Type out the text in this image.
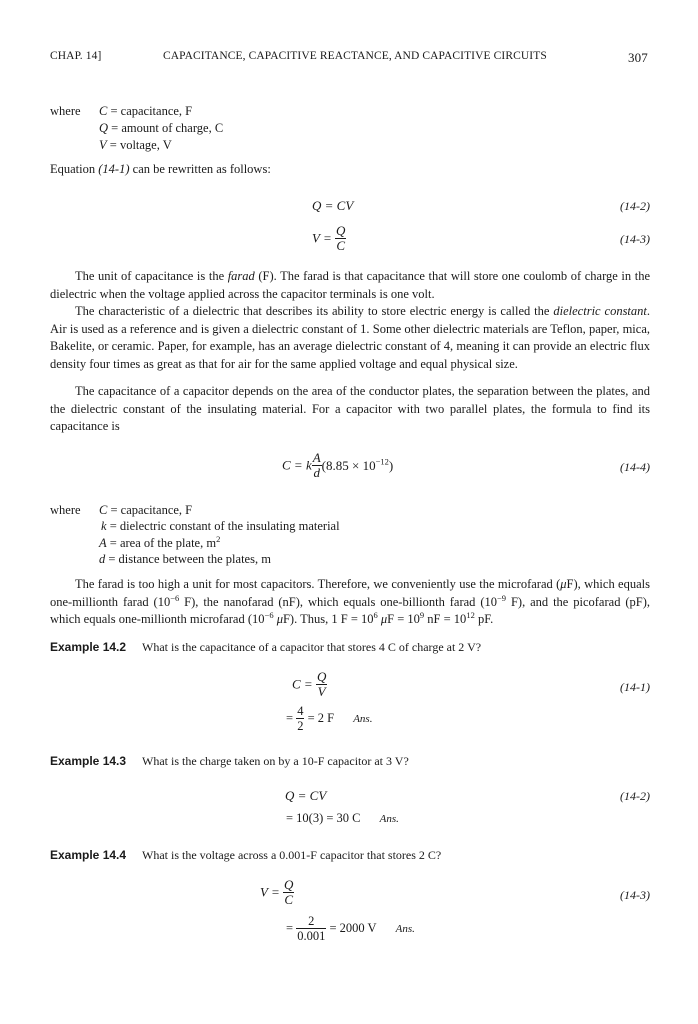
CHAP. 14]	CAPACITANCE, CAPACITIVE REACTANCE, AND CAPACITIVE CIRCUITS	307
where C = capacitance, F
Q = amount of charge, C
V = voltage, V
Equation (14-1) can be rewritten as follows:
Q = CV	(14-2)
$V = \frac{Q}{C}$	(14-3)
The unit of capacitance is the farad (F). The farad is that capacitance that will store one coulomb of charge in the dielectric when the voltage applied across the capacitor terminals is one volt.
The characteristic of a dielectric that describes its ability to store electric energy is called the dielectric constant. Air is used as a reference and is given a dielectric constant of 1. Some other dielectric materials are Teflon, paper, mica, Bakelite, or ceramic. Paper, for example, has an average dielectric constant of 4, meaning it can provide an electric flux density four times as great as that for air for the same applied voltage and equal physical size.
The capacitance of a capacitor depends on the area of the conductor plates, the separation between the plates, and the dielectric constant of the insulating material. For a capacitor with two parallel plates, the formula to find its capacitance is
C = k $\frac{A}{d} (8.85 \times 10^{-12})$	(14-4)
where C = capacitance, F
k = dielectric constant of the insulating material
A = area of the plate, $m^2$
d = distance between the plates, m
The farad is too high a unit for most capacitors. Therefore, we conveniently use the microfarad (μF), which equals one-millionth farad ($10^{-6}$ F), the nanofarad (nF), which equals one-billionth farad ($10^{-9}$ F), and the picofarad (pF), which equals one-millionth microfarad ($10^{-6}$ μF). Thus, 1 $F = 10^6$ $\mu F = 10^9$ nF = $10^{12}$ pF.
Example 14.2 What is the capacitance of a capacitor that stores 4 C of charge at 2 V?
$C = \frac{Q}{V}$	(14-1)
= $\frac{4}{2} = 2$ F Ans.
Example 14.3 What is the charge taken on by a 10-F capacitor at 3 V?
Q = CV	(14-2)
= 10(3) = 30 C Ans.
Example 14.4 What is the voltage across a 0.001-F capacitor that stores 2 C?
$V = \frac{Q}{C}$	(14-3)
= $\frac{2}{0.001} = 2000$ V Ans.
